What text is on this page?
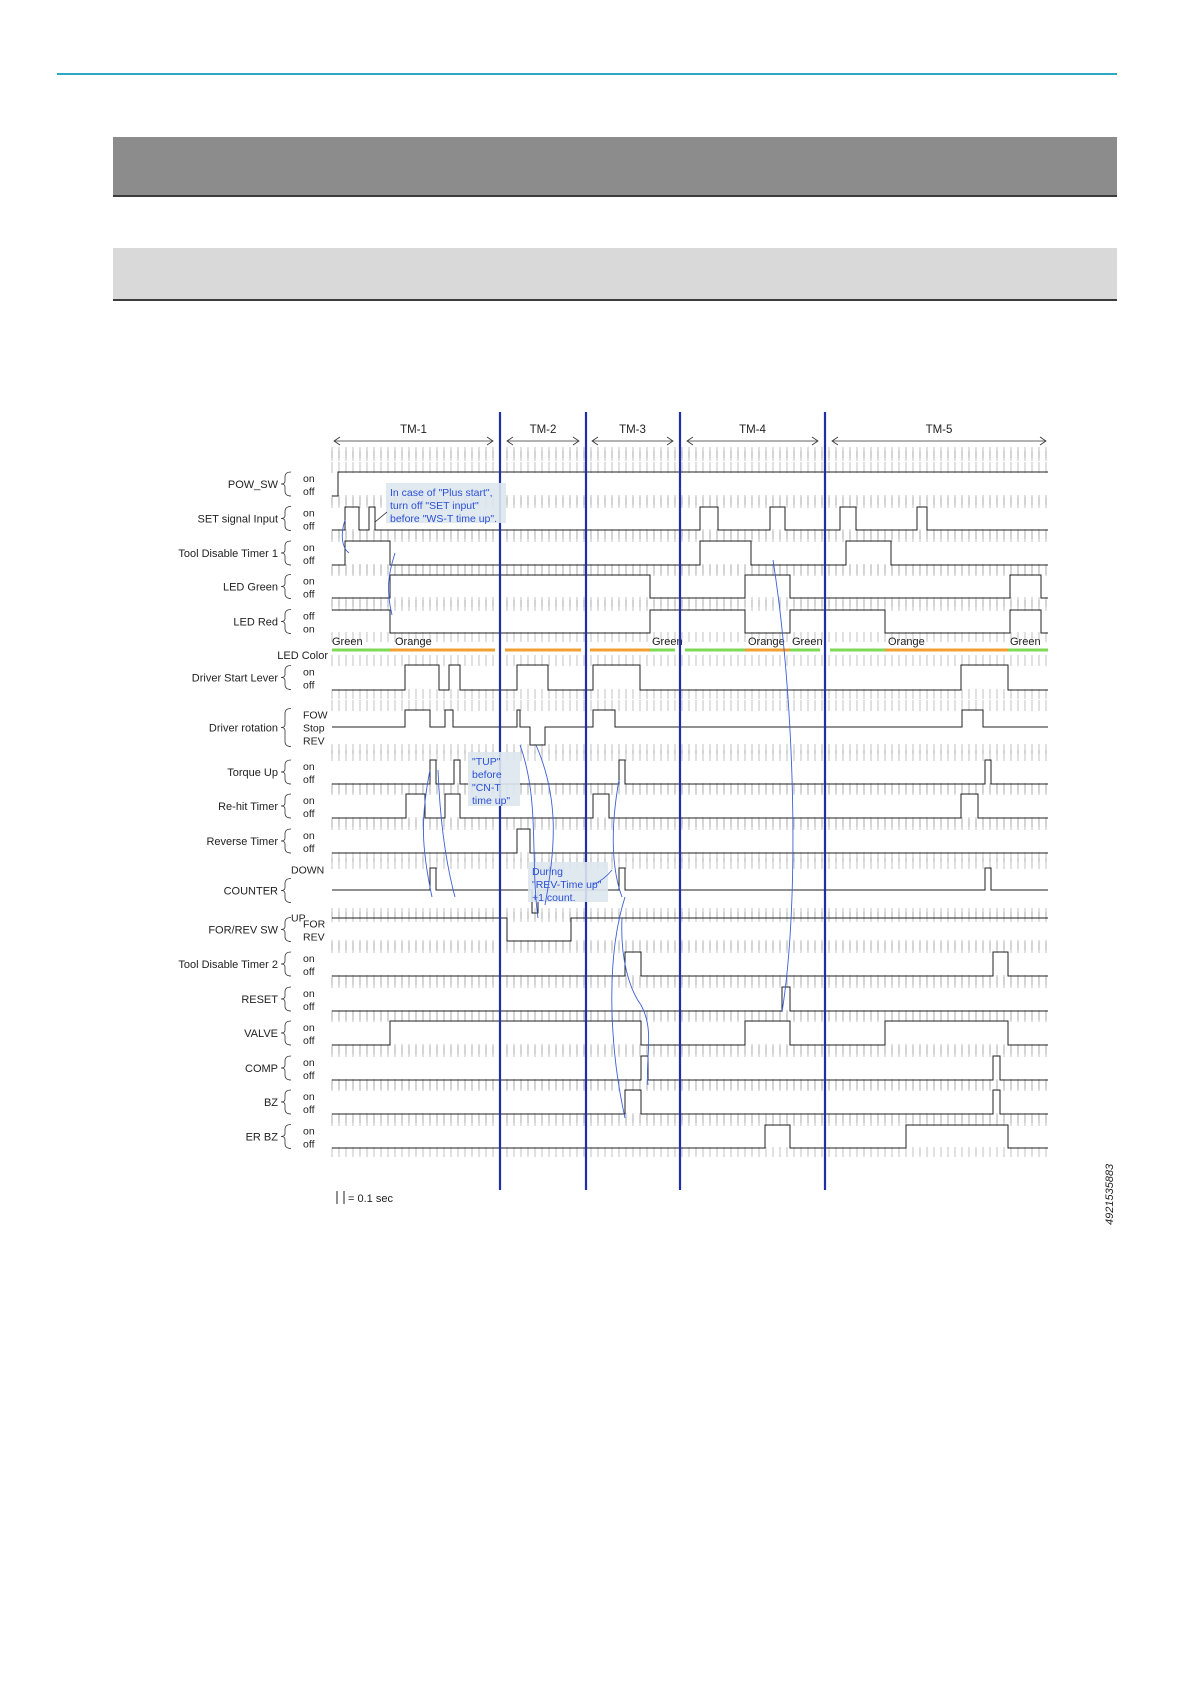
TM-1	TM-2	TM-3	TM-4	TM-5
POW_SW on
off
SET signal Input on
off
Tool Disable Timer 1 on
off
LED Green on
off
LED Red off
on
LED Color
Driver Start Lever on
off
Driver rotation
FOW
Stop
REV
Torque Up on
off
Re-hit Timer on
off
Reverse Timer on
off
COUNTER
DOWN
UP
FOR/REV SW FOR
REV
Tool Disable Timer 2 on
off
RESET on
off
VALVE on
off
COMP on
off
BZ on
off
ER BZ on
off
Green	Orange	Green	Orange Green	Orange	Green
In case of "Plus start",
turn off "SET input"
before "WS-T time up".
"TUP"
before
"CN-T
time up"
During
"REV-Time up"
+1 count.
= 0.1 sec	4921535883
